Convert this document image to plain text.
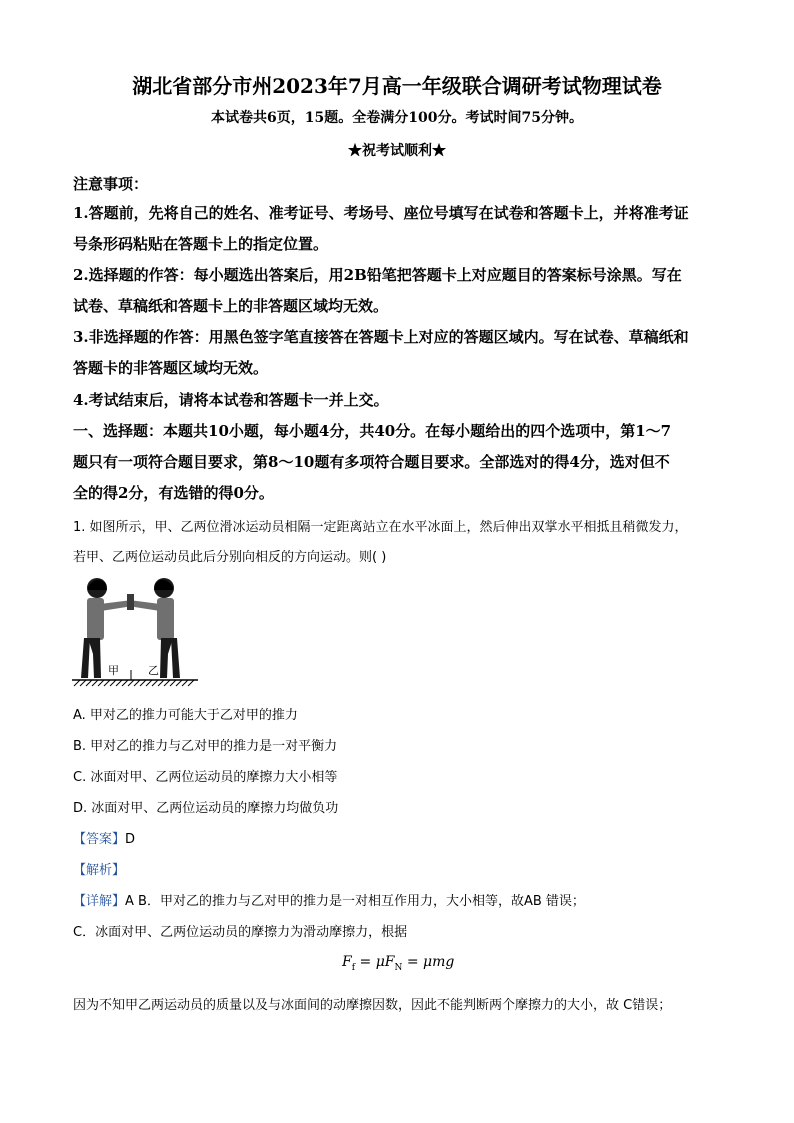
湖北省部分市州2023年7月高一年级联合调研考试物理试卷
本试卷共6页，15题。全卷满分100分。考试时间75分钟。
★祝考试顺利★
注意事项：
1.答题前，先将自己的姓名、准考证号、考场号、座位号填写在试卷和答题卡上，并将准考证
号条形码粘贴在答题卡上的指定位置。
2.选择题的作答：每小题选出答案后，用2B铅笔把答题卡上对应题目的答案标号涂黑。写在
试卷、草稿纸和答题卡上的非答题区域均无效。
3.非选择题的作答：用黑色签字笔直接答在答题卡上对应的答题区域内。写在试卷、草稿纸和
答题卡的非答题区域均无效。
4.考试结束后，请将本试卷和答题卡一并上交。
一、选择题：本题共10小题，每小题4分，共40分。在每小题给出的四个选项中，第1～7
题只有一项符合题目要求，第8～10题有多项符合题目要求。全部选对的得4分，选对但不
全的得2分，有选错的得0分。
1. 如图所示，甲、乙两位滑冰运动员相隔一定距离站立在水平冰面上，然后伸出双掌水平相抵且稍微发力，
若甲、乙两位运动员此后分别向相反的方向运动。则( )
甲	乙
A. 甲对乙的推力可能大于乙对甲的推力
B. 甲对乙的推力与乙对甲的推力是一对平衡力
C. 冰面对甲、乙两位运动员的摩擦力大小相等
D. 冰面对甲、乙两位运动员的摩擦力均做负功
【答案】D
【解析】
【详解】A B．甲对乙的推力与乙对甲的推力是一对相互作用力，大小相等，故AB 错误；
C．冰面对甲、乙两位运动员的摩擦力为滑动摩擦力，根据
$F_f = \mu F_N = \mu mg$
因为不知甲乙两运动员的质量以及与冰面间的动摩擦因数，因此不能判断两个摩擦力的大小，故 C错误；
